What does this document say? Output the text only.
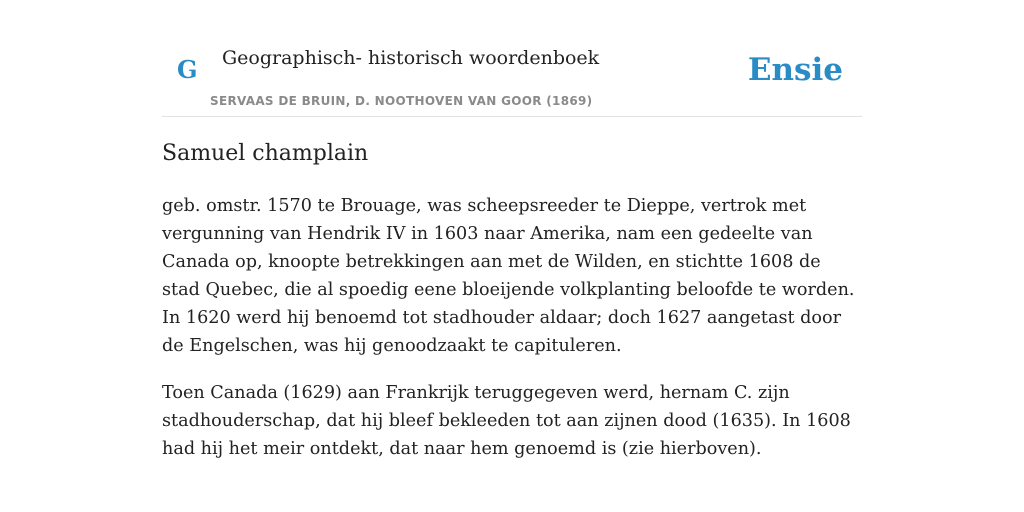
G Geographisch- historisch woordenboek
SERVAAS DE BRUIN, D. NOOTHOVEN VAN GOOR (1869)
Ensie
Samuel champlain

geb. omstr. 1570 te Brouage, was scheepsreeder te Dieppe, vertrok met vergunning van Hendrik IV in 1603 naar Amerika, nam een gedeelte van Canada op, knoopte betrekkingen aan met de Wilden, en stichtte 1608 de stad Quebec, die al spoedig eene bloeijende volkplanting beloofde te worden. In 1620 werd hij benoemd tot stadhouder aldaar; doch 1627 aangetast door de Engelschen, was hij genoodzaakt te capituleren.

Toen Canada (1629) aan Frankrijk teruggegeven werd, hernam C. zijn stadhouderschap, dat hij bleef bekleeden tot aan zijnen dood (1635). In 1608 had hij het meir ontdekt, dat naar hem genoemd is (zie hierboven).
